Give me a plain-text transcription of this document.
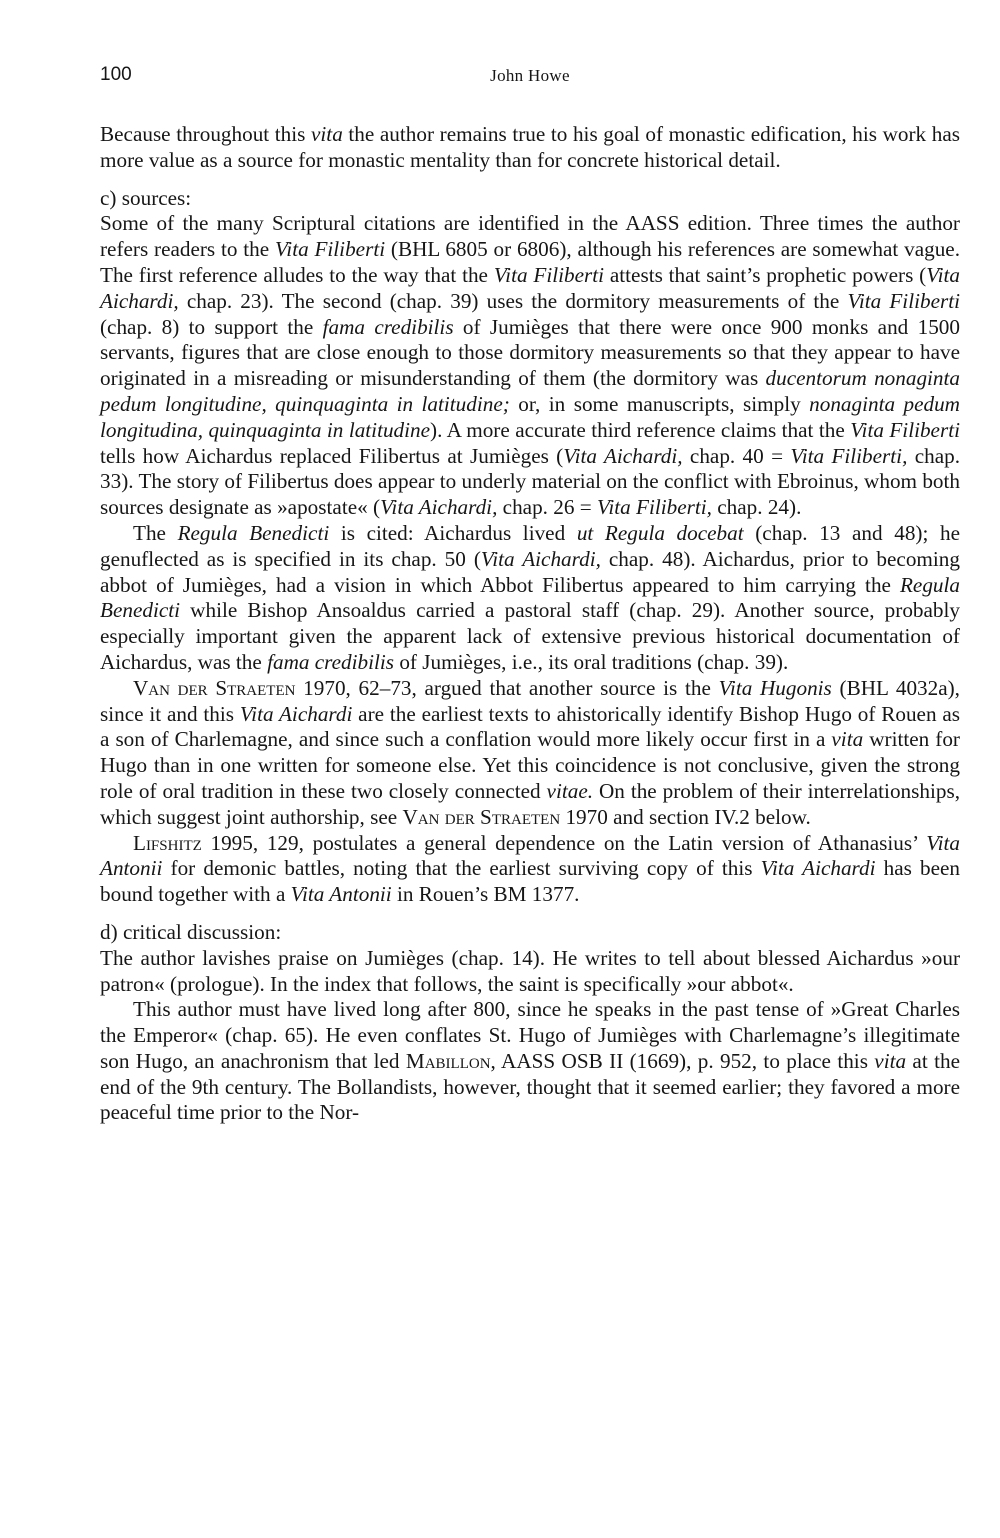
100	John Howe

Because throughout this vita the author remains true to his goal of monastic edification, his work has more value as a source for monastic mentality than for concrete historical detail.

c) sources:

Some of the many Scriptural citations are identified in the AASS edition. Three times the author refers readers to the Vita Filiberti (BHL 6805 or 6806), although his references are somewhat vague. The first reference alludes to the way that the Vita Filiberti attests that saint’s prophetic powers (Vita Aichardi, chap. 23). The second (chap. 39) uses the dormitory measurements of the Vita Filiberti (chap. 8) to support the fama credibilis of Jumièges that there were once 900 monks and 1500 servants, figures that are close enough to those dormitory measurements so that they appear to have originated in a misreading or misunderstanding of them (the dormitory was ducentorum nonaginta pedum longitudine, quinquaginta in latitudine; or, in some manuscripts, simply nonaginta pedum longitudina, quinquaginta in latitudine). A more accurate third reference claims that the Vita Filiberti tells how Aichardus replaced Filibertus at Jumièges (Vita Aichardi, chap. 40 = Vita Filiberti, chap. 33). The story of Filibertus does appear to underly material on the conflict with Ebroinus, whom both sources designate as »apostate« (Vita Aichardi, chap. 26 = Vita Filiberti, chap. 24).

The Regula Benedicti is cited: Aichardus lived ut Regula docebat (chap. 13 and 48); he genuflected as is specified in its chap. 50 (Vita Aichardi, chap. 48). Aichardus, prior to becoming abbot of Jumièges, had a vision in which Abbot Filibertus appeared to him carrying the Regula Benedicti while Bishop Ansoaldus carried a pastoral staff (chap. 29). Another source, probably especially important given the apparent lack of extensive previous historical documentation of Aichardus, was the fama credibilis of Jumièges, i.e., its oral traditions (chap. 39).

Van der Straeten 1970, 62–73, argued that another source is the Vita Hugonis (BHL 4032a), since it and this Vita Aichardi are the earliest texts to ahistorically identify Bishop Hugo of Rouen as a son of Charlemagne, and since such a conflation would more likely occur first in a vita written for Hugo than in one written for someone else. Yet this coincidence is not conclusive, given the strong role of oral tradition in these two closely connected vitae. On the problem of their interrelationships, which suggest joint authorship, see Van der Straeten 1970 and section IV.2 below.

Lifshitz 1995, 129, postulates a general dependence on the Latin version of Athanasius’ Vita Antonii for demonic battles, noting that the earliest surviving copy of this Vita Aichardi has been bound together with a Vita Antonii in Rouen’s BM 1377.

d) critical discussion:

The author lavishes praise on Jumièges (chap. 14). He writes to tell about blessed Aichardus »our patron« (prologue). In the index that follows, the saint is specifically »our abbot«.

This author must have lived long after 800, since he speaks in the past tense of »Great Charles the Emperor« (chap. 65). He even conflates St. Hugo of Jumièges with Charlemagne’s illegitimate son Hugo, an anachronism that led Mabillon, AASS OSB II (1669), p. 952, to place this vita at the end of the 9th century. The Bollandists, however, thought that it seemed earlier; they favored a more peaceful time prior to the Nor-
